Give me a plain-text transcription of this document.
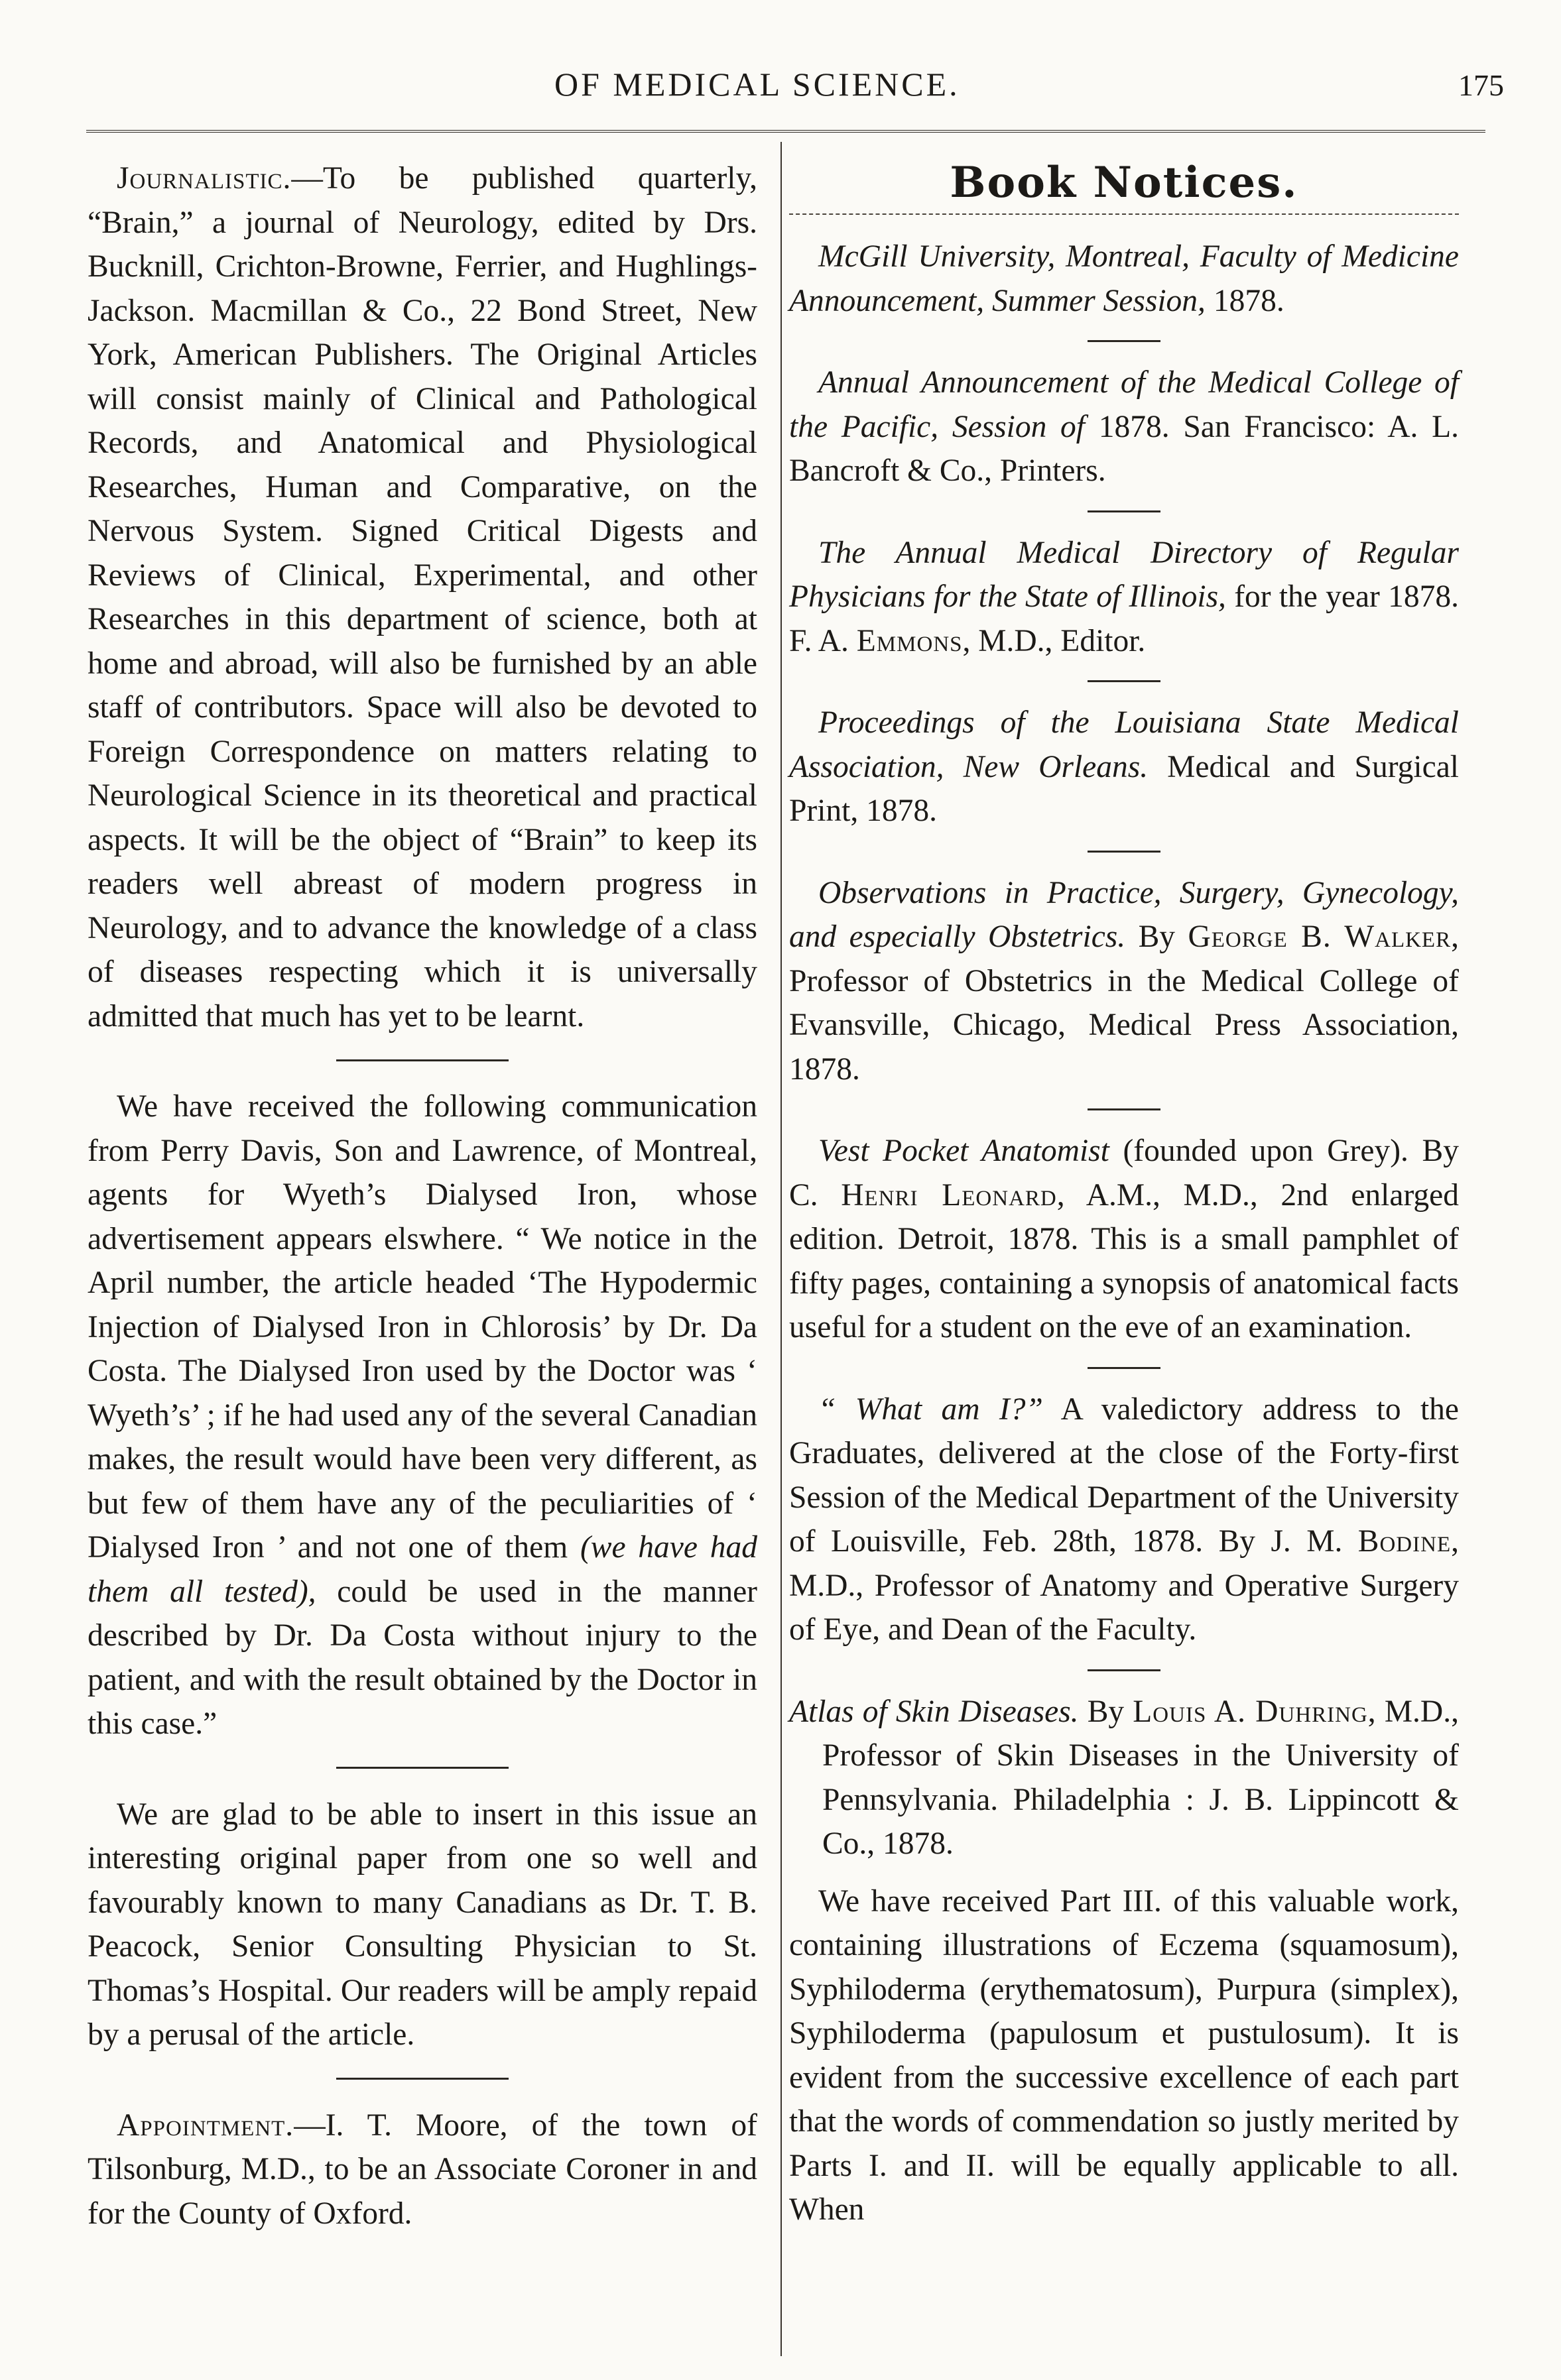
OF MEDICAL SCIENCE.	175

Journalistic.—To be published quarterly, “Brain,” a journal of Neurology, edited by Drs. Bucknill, Crichton-Browne, Ferrier, and Hughlings-Jackson. Macmillan & Co., 22 Bond Street, New York, American Publishers. The Original Articles will consist mainly of Clinical and Pathological Records, and Anatomical and Physiological Researches, Human and Comparative, on the Nervous System. Signed Critical Digests and Reviews of Clinical, Experimental, and other Researches in this department of science, both at home and abroad, will also be furnished by an able staff of contributors. Space will also be devoted to Foreign Correspondence on matters relating to Neurological Science in its theoretical and practical aspects. It will be the object of “Brain” to keep its readers well abreast of modern progress in Neurology, and to advance the knowledge of a class of diseases respecting which it is universally admitted that much has yet to be learnt.

We have received the following communication from Perry Davis, Son and Lawrence, of Montreal, agents for Wyeth’s Dialysed Iron, whose advertisement appears elswhere. “ We notice in the April number, the article headed ‘The Hypodermic Injection of Dialysed Iron in Chlorosis’ by Dr. Da Costa. The Dialysed Iron used by the Doctor was ‘ Wyeth’s’ ; if he had used any of the several Canadian makes, the result would have been very different, as but few of them have any of the peculiarities of ‘ Dialysed Iron ’ and not one of them (we have had them all tested), could be used in the manner described by Dr. Da Costa without injury to the patient, and with the result obtained by the Doctor in this case.”

We are glad to be able to insert in this issue an interesting original paper from one so well and favourably known to many Canadians as Dr. T. B. Peacock, Senior Consulting Physician to St. Thomas’s Hospital. Our readers will be amply repaid by a perusal of the article.

Appointment.—I. T. Moore, of the town of Tilsonburg, M.D., to be an Associate Coroner in and for the County of Oxford.

Book Notices.

McGill University, Montreal, Faculty of Medicine Announcement, Summer Session, 1878.

Annual Announcement of the Medical College of the Pacific, Session of 1878. San Francisco: A. L. Bancroft & Co., Printers.

The Annual Medical Directory of Regular Physicians for the State of Illinois, for the year 1878. F. A. Emmons, M.D., Editor.

Proceedings of the Louisiana State Medical Association, New Orleans. Medical and Surgical Print, 1878.

Observations in Practice, Surgery, Gynecology, and especially Obstetrics. By George B. Walker, Professor of Obstetrics in the Medical College of Evansville, Chicago, Medical Press Association, 1878.

Vest Pocket Anatomist (founded upon Grey). By C. Henri Leonard, A.M., M.D., 2nd enlarged edition. Detroit, 1878. This is a small pamphlet of fifty pages, containing a synopsis of anatomical facts useful for a student on the eve of an examination.

“ What am I?” A valedictory address to the Graduates, delivered at the close of the Forty-first Session of the Medical Department of the University of Louisville, Feb. 28th, 1878. By J. M. Bodine, M.D., Professor of Anatomy and Operative Surgery of Eye, and Dean of the Faculty.

Atlas of Skin Diseases. By Louis A. Duhring, M.D., Professor of Skin Diseases in the University of Pennsylvania. Philadelphia : J. B. Lippincott & Co., 1878.

We have received Part III. of this valuable work, containing illustrations of Eczema (squamosum), Syphiloderma (erythematosum), Purpura (simplex), Syphiloderma (papulosum et pustulosum). It is evident from the successive excellence of each part that the words of commendation so justly merited by Parts I. and II. will be equally applicable to all. When
